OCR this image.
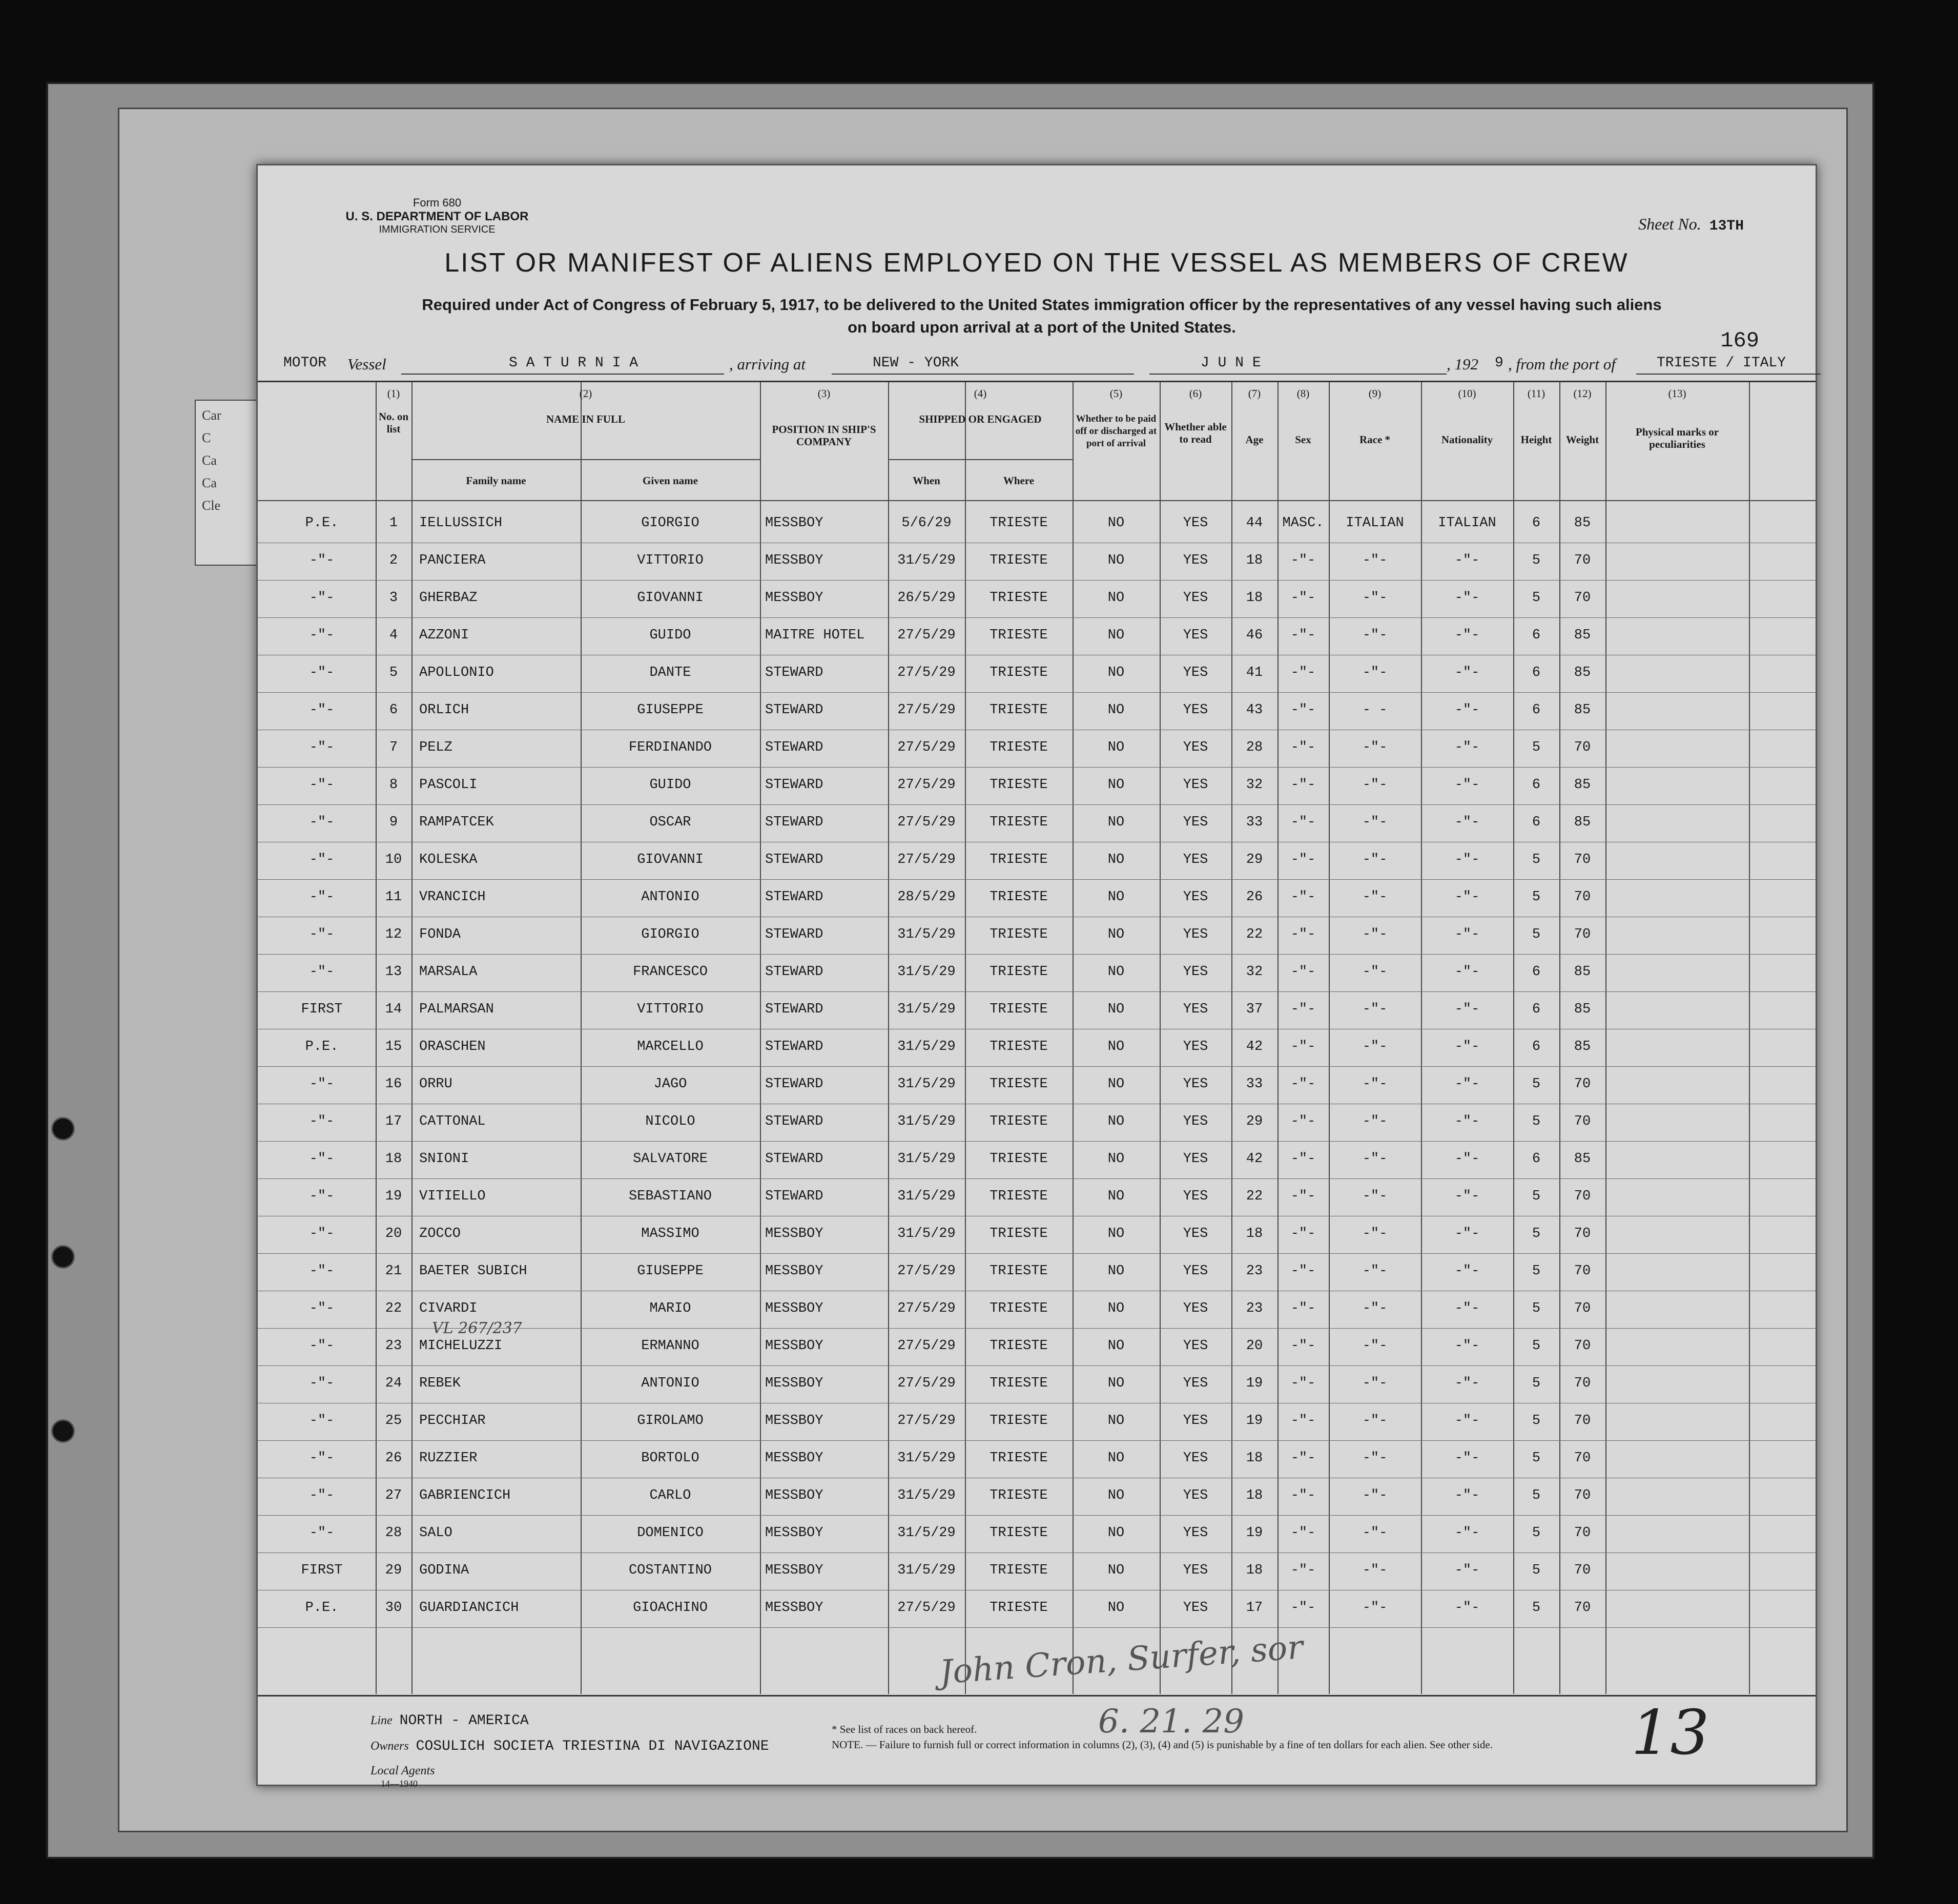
Car
C
Ca
Ca
Cle
Form 680
U. S. DEPARTMENT OF LABOR
IMMIGRATION SERVICE	Sheet No. 13TH
LIST OR MANIFEST OF ALIENS EMPLOYED ON THE VESSEL AS MEMBERS OF CREW
Required under Act of Congress of February 5, 1917, to be delivered to the United States immigration officer by the representatives of any vessel having such aliens
on board upon arrival at a port of the United States.
169
MOTOR Vessel	S A T U R N I A	, arriving at	NEW - YORK	J U N E	, 192 9 , from the port of	TRIESTE / ITALY
(1)
No. on list
(2)
NAME IN FULL
Family name	Given name
(3)
POSITION IN SHIP'S COMPANY
(4)
SHIPPED OR ENGAGED
When	Where
(5)
Whether to be paid off or discharged at port of arrival
(6)
Whether able to read
(7)
Age
(8)
Sex
(9)
Race *
(10)
Nationality
(11)
Height
(12)
Weight
(13)
Physical marks or peculiarities
P.E.	1	IELLUSSICH	GIORGIO	MESSBOY	5/6/29	TRIESTE	NO	YES	44	MASC.	ITALIAN	ITALIAN	6	85
-"-	2	PANCIERA	VITTORIO	MESSBOY	31/5/29	TRIESTE	NO	YES	18	-"-	-"-	-"-	5	70
-"-	3	GHERBAZ	GIOVANNI	MESSBOY	26/5/29	TRIESTE	NO	YES	18	-"-	-"-	-"-	5	70
-"-	4	AZZONI	GUIDO	MAITRE HOTEL	27/5/29	TRIESTE	NO	YES	46	-"-	-"-	-"-	6	85
-"-	5	APOLLONIO	DANTE	STEWARD	27/5/29	TRIESTE	NO	YES	41	-"-	-"-	-"-	6	85
-"-	6	ORLICH	GIUSEPPE	STEWARD	27/5/29	TRIESTE	NO	YES	43	-"-	- -	-"-	6	85
-"-	7	PELZ	FERDINANDO	STEWARD	27/5/29	TRIESTE	NO	YES	28	-"-	-"-	-"-	5	70
-"-	8	PASCOLI	GUIDO	STEWARD	27/5/29	TRIESTE	NO	YES	32	-"-	-"-	-"-	6	85
-"-	9	RAMPATCEK	OSCAR	STEWARD	27/5/29	TRIESTE	NO	YES	33	-"-	-"-	-"-	6	85
-"-	10	KOLESKA	GIOVANNI	STEWARD	27/5/29	TRIESTE	NO	YES	29	-"-	-"-	-"-	5	70
-"-	11	VRANCICH	ANTONIO	STEWARD	28/5/29	TRIESTE	NO	YES	26	-"-	-"-	-"-	5	70
-"-	12	FONDA	GIORGIO	STEWARD	31/5/29	TRIESTE	NO	YES	22	-"-	-"-	-"-	5	70
-"-	13	MARSALA	FRANCESCO	STEWARD	31/5/29	TRIESTE	NO	YES	32	-"-	-"-	-"-	6	85
FIRST	14	PALMARSAN	VITTORIO	STEWARD	31/5/29	TRIESTE	NO	YES	37	-"-	-"-	-"-	6	85
P.E.	15	ORASCHEN	MARCELLO	STEWARD	31/5/29	TRIESTE	NO	YES	42	-"-	-"-	-"-	6	85
-"-	16	ORRU	JAGO	STEWARD	31/5/29	TRIESTE	NO	YES	33	-"-	-"-	-"-	5	70
-"-	17	CATTONAL	NICOLO	STEWARD	31/5/29	TRIESTE	NO	YES	29	-"-	-"-	-"-	5	70
-"-	18	SNIONI	SALVATORE	STEWARD	31/5/29	TRIESTE	NO	YES	42	-"-	-"-	-"-	6	85
-"-	19	VITIELLO	SEBASTIANO	STEWARD	31/5/29	TRIESTE	NO	YES	22	-"-	-"-	-"-	5	70
-"-	20	ZOCCO	MASSIMO	MESSBOY	31/5/29	TRIESTE	NO	YES	18	-"-	-"-	-"-	5	70
-"-	21	BAETER SUBICH	GIUSEPPE	MESSBOY	27/5/29	TRIESTE	NO	YES	23	-"-	-"-	-"-	5	70
-"-	22	CIVARDI	MARIO	MESSBOY	27/5/29	TRIESTE	NO	YES	23	-"-	-"-	-"-	5	70
VL 267/237
-"-	23	MICHELUZZI	ERMANNO	MESSBOY	27/5/29	TRIESTE	NO	YES	20	-"-	-"-	-"-	5	70
-"-	24	REBEK	ANTONIO	MESSBOY	27/5/29	TRIESTE	NO	YES	19	-"-	-"-	-"-	5	70
-"-	25	PECCHIAR	GIROLAMO	MESSBOY	27/5/29	TRIESTE	NO	YES	19	-"-	-"-	-"-	5	70
-"-	26	RUZZIER	BORTOLO	MESSBOY	31/5/29	TRIESTE	NO	YES	18	-"-	-"-	-"-	5	70
-"-	27	GABRIENCICH	CARLO	MESSBOY	31/5/29	TRIESTE	NO	YES	18	-"-	-"-	-"-	5	70
-"-	28	SALO	DOMENICO	MESSBOY	31/5/29	TRIESTE	NO	YES	19	-"-	-"-	-"-	5	70
FIRST	29	GODINA	COSTANTINO	MESSBOY	31/5/29	TRIESTE	NO	YES	18	-"-	-"-	-"-	5	70
P.E.	30	GUARDIANCICH	GIOACHINO	MESSBOY	27/5/29	TRIESTE	NO	YES	17	-"-	-"-	-"-	5	70
John Cron, Surfer, sor
6. 21. 29	13
Line NORTH - AMERICA
Owners COSULICH SOCIETA TRIESTINA DI NAVIGAZIONE
Local Agents
14—1940
* See list of races on back hereof.
NOTE. — Failure to furnish full or correct information in columns (2), (3), (4) and (5) is punishable by a fine of ten dollars for each alien. See other side.
